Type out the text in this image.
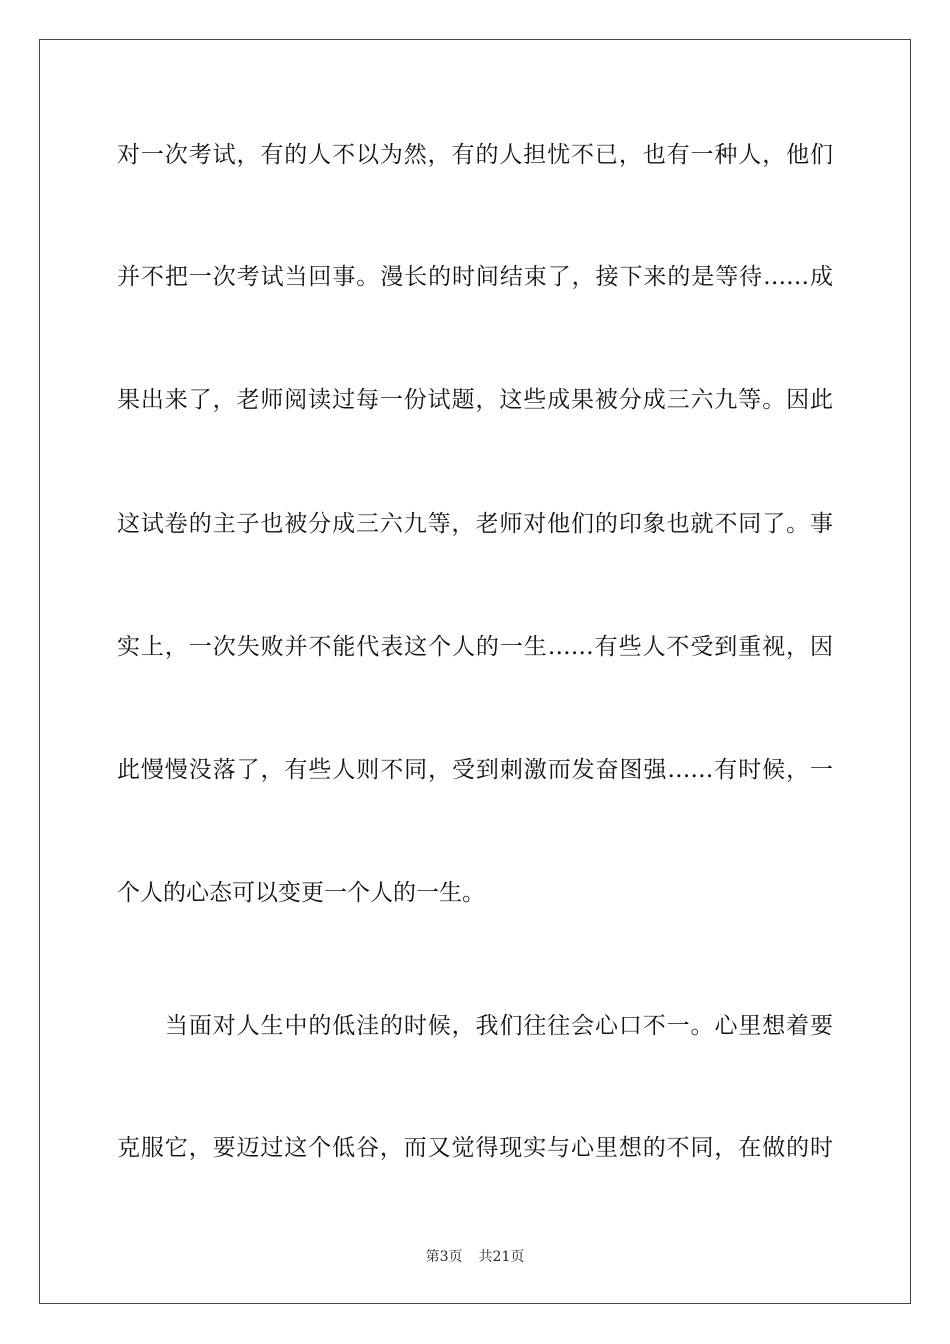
对一次考试，有的人不以为然，有的人担忧不已，也有一种人，他们
并不把一次考试当回事。漫长的时间结束了，接下来的是等待……成
果出来了，老师阅读过每一份试题，这些成果被分成三六九等。因此
这试卷的主子也被分成三六九等，老师对他们的印象也就不同了。事
实上，一次失败并不能代表这个人的一生……有些人不受到重视，因
此慢慢没落了，有些人则不同，受到刺激而发奋图强……有时候，一
个人的心态可以变更一个人的一生。
当面对人生中的低洼的时候，我们往往会心口不一。心里想着要
克服它，要迈过这个低谷，而又觉得现实与心里想的不同，在做的时
第3页 共21页
